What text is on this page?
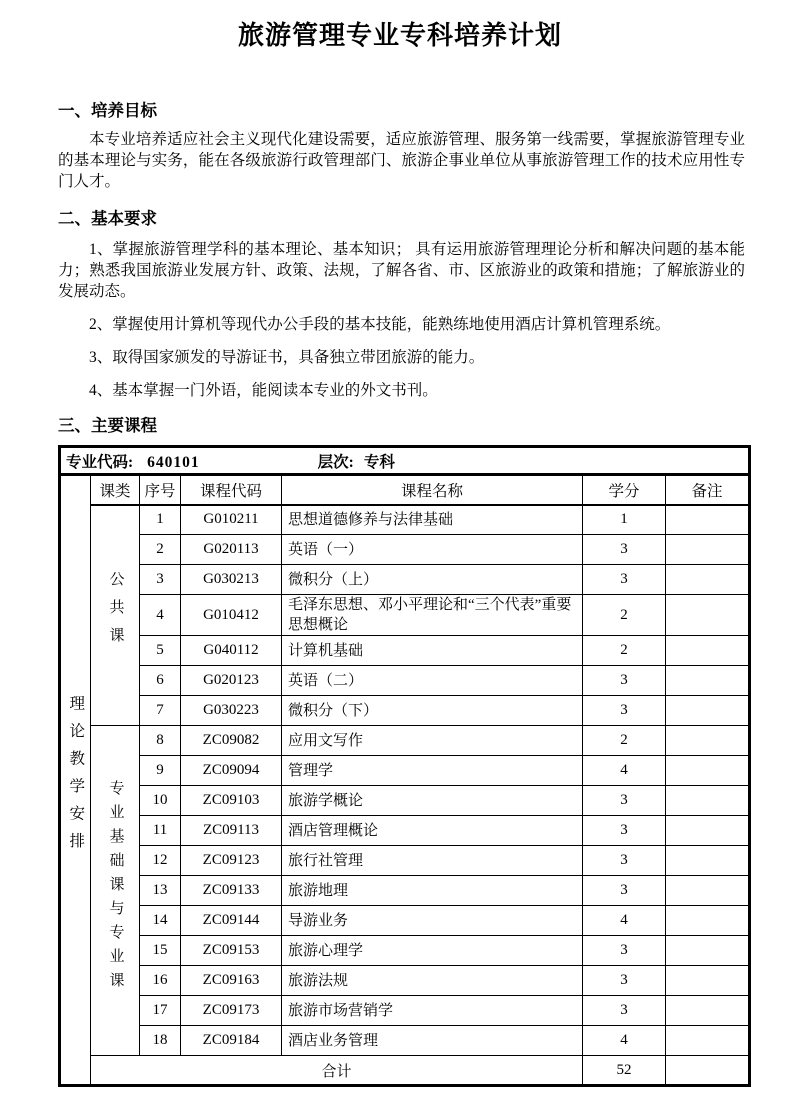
旅游管理专业专科培养计划
一、培养目标

本专业培养适应社会主义现代化建设需要，适应旅游管理、服务第一线需要，掌握旅游管理专业的基本理论与实务，能在各级旅游行政管理部门、旅游企事业单位从事旅游管理工作的技术应用性专门人才。

二、基本要求

1、掌握旅游管理学科的基本理论、基本知识； 具有运用旅游管理理论分析和解决问题的基本能力；熟悉我国旅游业发展方针、政策、法规，了解各省、市、区旅游业的政策和措施；了解旅游业的发展动态。

2、掌握使用计算机等现代办公手段的基本技能，能熟练地使用酒店计算机管理系统。

3、取得国家颁发的导游证书，具备独立带团旅游的能力。

4、基本掌握一门外语，能阅读本专业的外文书刊。

三、主要课程
专业代码: 640101 层次: 专科						

理论教学安排	课类	序号	课程代码	课程名称	学分	备注
	公共课	1	G010211	思想道德修养与法律基础	1	
		2	G020113	英语（一）	3	
		3	G030213	微积分（上）	3	
		4	G010412	毛泽东思想、邓小平理论和“三个代表”重要思想概论	2	
		5	G040112	计算机基础	2	
		6	G020123	英语（二）	3	
		7	G030223	微积分（下）	3	
	专业基础课与专业课	8	ZC09082	应用文写作	2	
		9	ZC09094	管理学	4	
		10	ZC09103	旅游学概论	3	
		11	ZC09113	酒店管理概论	3	
		12	ZC09123	旅行社管理	3	
		13	ZC09133	旅游地理	3	
		14	ZC09144	导游业务	4	
		15	ZC09153	旅游心理学	3	
		16	ZC09163	旅游法规	3	
		17	ZC09173	旅游市场营销学	3	
		18	ZC09184	酒店业务管理	4	
	合计				52	
